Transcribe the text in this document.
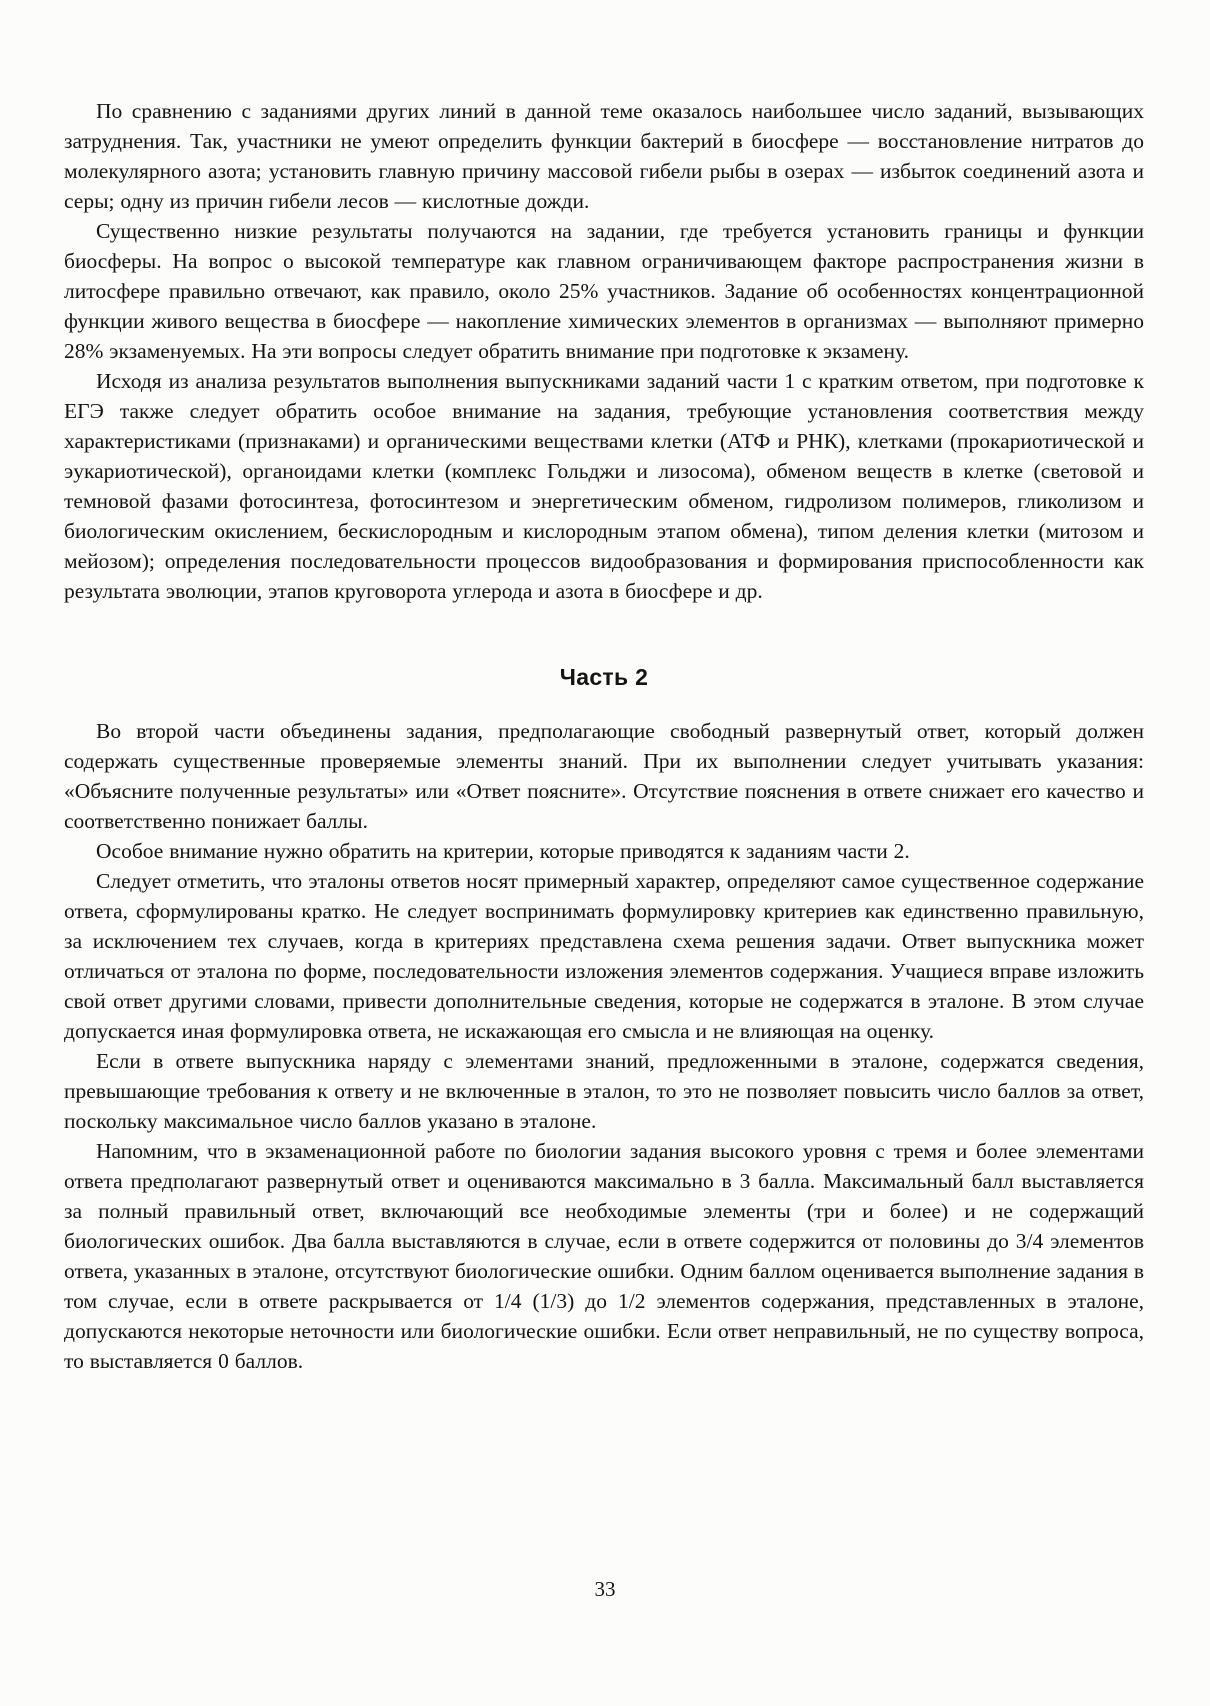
По сравнению с заданиями других линий в данной теме оказалось наибольшее число заданий, вызывающих затруднения. Так, участники не умеют определить функции бактерий в биосфере — восстановление нитратов до молекулярного азота; установить главную причину массовой гибели рыбы в озерах — избыток соединений азота и серы; одну из причин гибели лесов — кислотные дожди.

Существенно низкие результаты получаются на задании, где требуется установить границы и функции биосферы. На вопрос о высокой температуре как главном ограничивающем факторе распространения жизни в литосфере правильно отвечают, как правило, около 25% участников. Задание об особенностях концентрационной функции живого вещества в биосфере — накопление химических элементов в организмах — выполняют примерно 28% экзаменуемых. На эти вопросы следует обратить внимание при подготовке к экзамену.

Исходя из анализа результатов выполнения выпускниками заданий части 1 с кратким ответом, при подготовке к ЕГЭ также следует обратить особое внимание на задания, требующие установления соответствия между характеристиками (признаками) и органическими веществами клетки (АТФ и РНК), клетками (прокариотической и эукариотической), органоидами клетки (комплекс Гольджи и лизосома), обменом веществ в клетке (световой и темновой фазами фотосинтеза, фотосинтезом и энергетическим обменом, гидролизом полимеров, гликолизом и биологическим окислением, бескислородным и кислородным этапом обмена), типом деления клетки (митозом и мейозом); определения последовательности процессов видообразования и формирования приспособленности как результата эволюции, этапов круговорота углерода и азота в биосфере и др.

Часть 2

Во второй части объединены задания, предполагающие свободный развернутый ответ, который должен содержать существенные проверяемые элементы знаний. При их выполнении следует учитывать указания: «Объясните полученные результаты» или «Ответ поясните». Отсутствие пояснения в ответе снижает его качество и соответственно понижает баллы.

Особое внимание нужно обратить на критерии, которые приводятся к заданиям части 2.

Следует отметить, что эталоны ответов носят примерный характер, определяют самое существенное содержание ответа, сформулированы кратко. Не следует воспринимать формулировку критериев как единственно правильную, за исключением тех случаев, когда в критериях представлена схема решения задачи. Ответ выпускника может отличаться от эталона по форме, последовательности изложения элементов содержания. Учащиеся вправе изложить свой ответ другими словами, привести дополнительные сведения, которые не содержатся в эталоне. В этом случае допускается иная формулировка ответа, не искажающая его смысла и не влияющая на оценку.

Если в ответе выпускника наряду с элементами знаний, предложенными в эталоне, содержатся сведения, превышающие требования к ответу и не включенные в эталон, то это не позволяет повысить число баллов за ответ, поскольку максимальное число баллов указано в эталоне.

Напомним, что в экзаменационной работе по биологии задания высокого уровня с тремя и более элементами ответа предполагают развернутый ответ и оцениваются максимально в 3 балла. Максимальный балл выставляется за полный правильный ответ, включающий все необходимые элементы (три и более) и не содержащий биологических ошибок. Два балла выставляются в случае, если в ответе содержится от половины до 3/4 элементов ответа, указанных в эталоне, отсутствуют биологические ошибки. Одним баллом оценивается выполнение задания в том случае, если в ответе раскрывается от 1/4 (1/3) до 1/2 элементов содержания, представленных в эталоне, допускаются некоторые неточности или биологические ошибки. Если ответ неправильный, не по существу вопроса, то выставляется 0 баллов.

33
